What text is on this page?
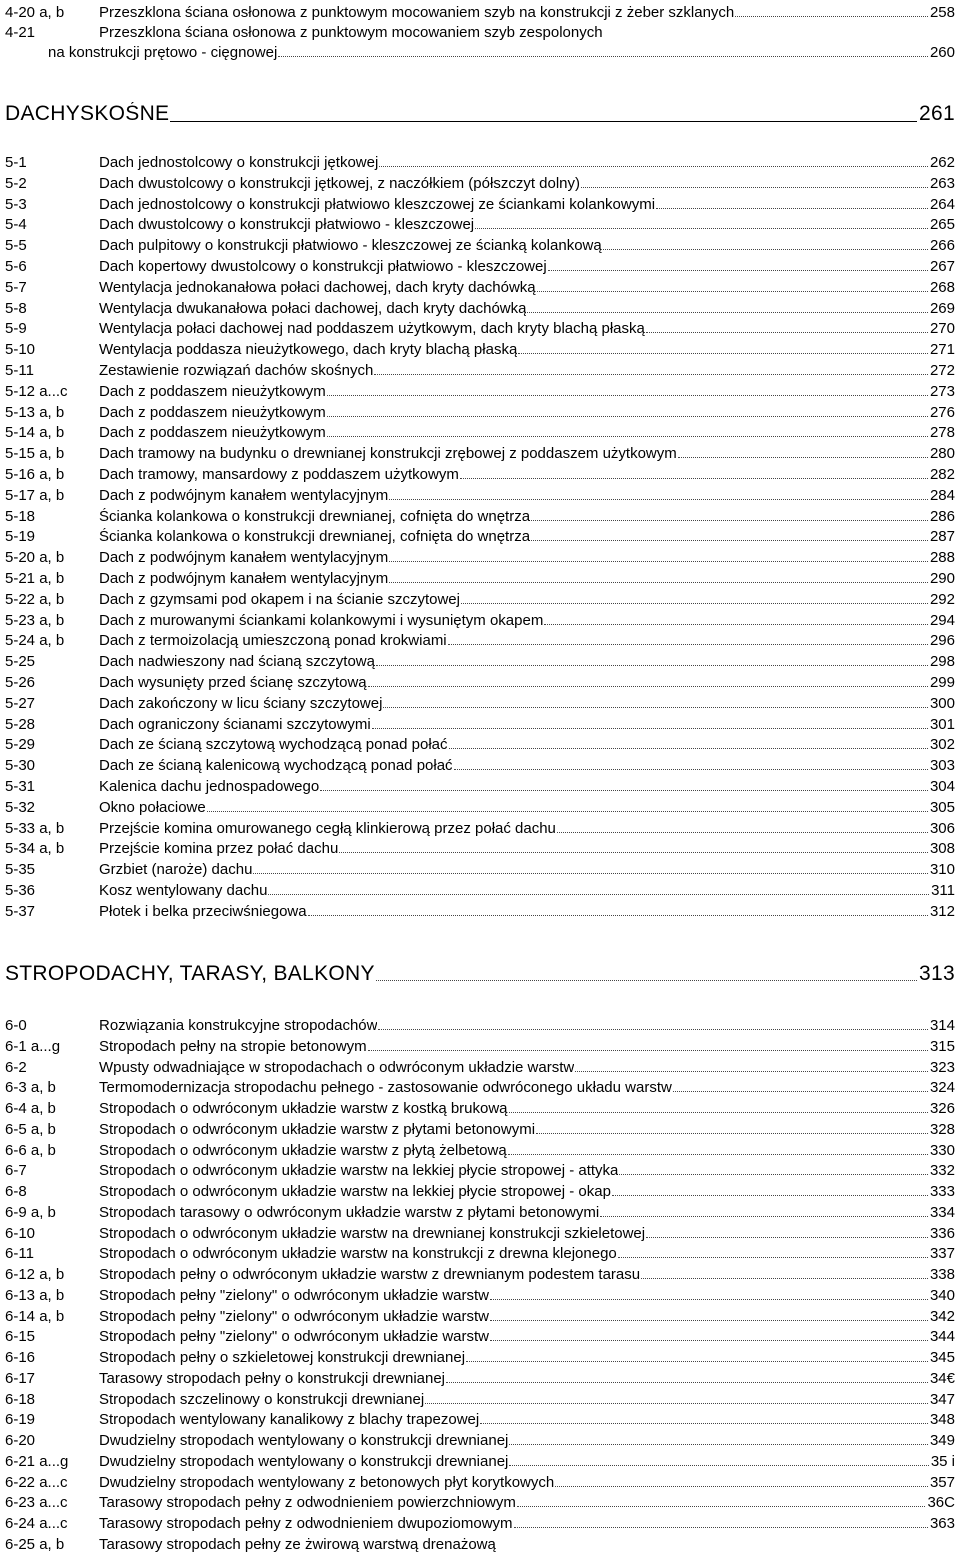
4-20 a, b	Przeszklona ściana osłonowa z punktowym mocowaniem szyb na konstrukcji z żeber szklanych	258
4-21	Przeszklona ściana osłonowa z punktowym mocowaniem szyb zespolonych
na konstrukcji prętowo - cięgnowej	260
DACHYSKOŚNE	261
5-1	Dach jednostolcowy o konstrukcji jętkowej	262
5-2	Dach dwustolcowy o konstrukcji jętkowej, z naczółkiem (półszczyt dolny)	263
5-3	Dach jednostolcowy o konstrukcji płatwiowo kleszczowej ze ściankami kolankowymi	264
5-4	Dach dwustolcowy o konstrukcji płatwiowo - kleszczowej	265
5-5	Dach pulpitowy o konstrukcji płatwiowo - kleszczowej ze ścianką kolankową	266
5-6	Dach kopertowy dwustolcowy o konstrukcji płatwiowo - kleszczowej	267
5-7	Wentylacja jednokanałowa połaci dachowej, dach kryty dachówką	268
5-8	Wentylacja dwukanałowa połaci dachowej, dach kryty dachówką	269
5-9	Wentylacja połaci dachowej nad poddaszem użytkowym, dach kryty blachą płaską	270
5-10	Wentylacja poddasza nieużytkowego, dach kryty blachą płaską	271
5-11	Zestawienie rozwiązań dachów skośnych	272
5-12 a...c	Dach z poddaszem nieużytkowym	273
5-13 a, b	Dach z poddaszem nieużytkowym	276
5-14 a, b	Dach z poddaszem nieużytkowym	278
5-15 a, b	Dach tramowy na budynku o drewnianej konstrukcji zrębowej z poddaszem użytkowym	280
5-16 a, b	Dach tramowy, mansardowy z poddaszem użytkowym	282
5-17 a, b	Dach z podwójnym kanałem wentylacyjnym	284
5-18	Ścianka kolankowa o konstrukcji drewnianej, cofnięta do wnętrza	286
5-19	Ścianka kolankowa o konstrukcji drewnianej, cofnięta do wnętrza	287
5-20 a, b	Dach z podwójnym kanałem wentylacyjnym	288
5-21 a, b	Dach z podwójnym kanałem wentylacyjnym	290
5-22 a, b	Dach z gzymsami pod okapem i na ścianie szczytowej	292
5-23 a, b	Dach z murowanymi ściankami kolankowymi i wysuniętym okapem	294
5-24 a, b	Dach z termoizolacją umieszczoną ponad krokwiami	296
5-25	Dach nadwieszony nad ścianą szczytową	298
5-26	Dach wysunięty przed ścianę szczytową	299
5-27	Dach zakończony w licu ściany szczytowej	300
5-28	Dach ograniczony ścianami szczytowymi	301
5-29	Dach ze ścianą szczytową wychodzącą ponad połać	302
5-30	Dach ze ścianą kalenicową wychodzącą ponad połać	303
5-31	Kalenica dachu jednospadowego	304
5-32	Okno połaciowe	305
5-33 a, b	Przejście komina omurowanego cegłą klinkierową przez połać dachu	306
5-34 a, b	Przejście komina przez połać dachu	308
5-35	Grzbiet (naroże) dachu	310
5-36	Kosz wentylowany dachu	311
5-37	Płotek i belka przeciwśniegowa	312
STROPODACHY, TARASY, BALKONY	313
6-0	Rozwiązania konstrukcyjne stropodachów	314
6-1 a...g	Stropodach pełny na stropie betonowym	315
6-2	Wpusty odwadniające w stropodachach o odwróconym układzie warstw	323
6-3 a, b	Termomodernizacja stropodachu pełnego - zastosowanie odwróconego układu warstw	324
6-4 a, b	Stropodach o odwróconym układzie warstw z kostką brukową	326
6-5 a, b	Stropodach o odwróconym układzie warstw z płytami betonowymi	328
6-6 a, b	Stropodach o odwróconym układzie warstw z płytą żelbetową	330
6-7	Stropodach o odwróconym układzie warstw na lekkiej płycie stropowej - attyka	332
6-8	Stropodach o odwróconym układzie warstw na lekkiej płycie stropowej - okap	333
6-9 a, b	Stropodach tarasowy o odwróconym układzie warstw z płytami betonowymi	334
6-10	Stropodach o odwróconym układzie warstw na drewnianej konstrukcji szkieletowej	336
6-11	Stropodach o odwróconym układzie warstw na konstrukcji z drewna klejonego	337
6-12 a, b	Stropodach pełny o odwróconym układzie warstw z drewnianym podestem tarasu	338
6-13 a, b	Stropodach pełny "zielony" o odwróconym układzie warstw	340
6-14 a, b	Stropodach pełny "zielony" o odwróconym układzie warstw	342
6-15	Stropodach pełny "zielony" o odwróconym układzie warstw	344
6-16	Stropodach pełny o szkieletowej konstrukcji drewnianej	345
6-17	Tarasowy stropodach pełny o konstrukcji drewnianej	34€
6-18	Stropodach szczelinowy o konstrukcji drewnianej	347
6-19	Stropodach wentylowany kanalikowy z blachy trapezowej	348
6-20	Dwudzielny stropodach wentylowany o konstrukcji drewnianej	349
6-21 a...g	Dwudzielny stropodach wentylowany o konstrukcji drewnianej	35 i
6-22 a...c	Dwudzielny stropodach wentylowany z betonowych płyt korytkowych	357
6-23 a...c	Tarasowy stropodach pełny z odwodnieniem powierzchniowym	36C
6-24 a...c	Tarasowy stropodach pełny z odwodnieniem dwupoziomowym	363
6-25 a, b	Tarasowy stropodach pełny ze żwirową warstwą drenażową
